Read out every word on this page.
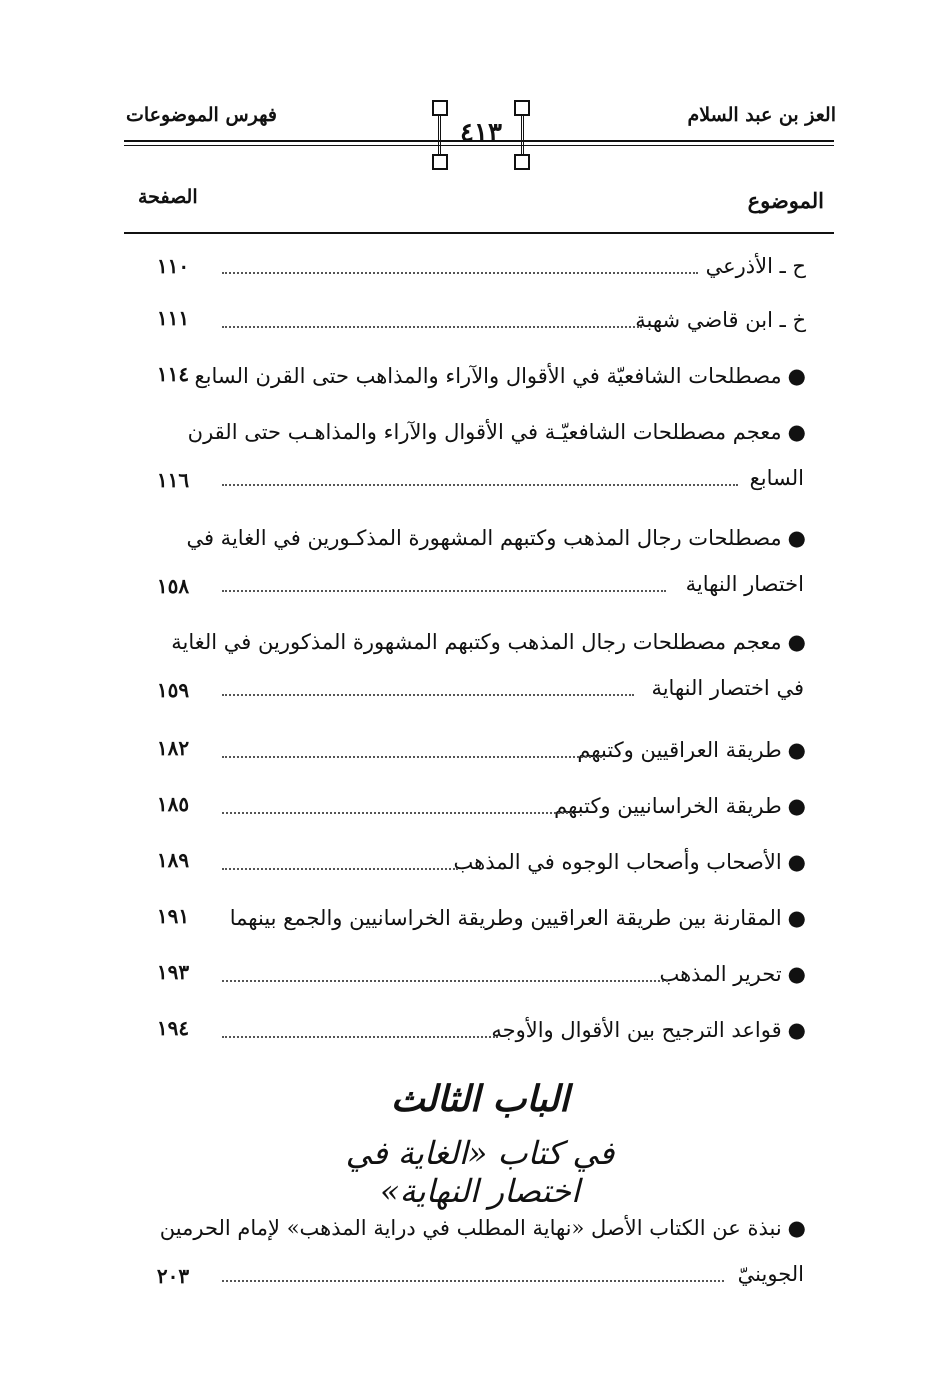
فهرس الموضوعات	العز بن عبد السلام
٤١٣
الموضوع
الصفحة
ح ـ الأذرعي
١١٠
خ ـ ابن قاضي شهبة
١١١
●مصطلحات الشافعيّة في الأقوال والآراء والمذاهب حتى القرن السابع
١١٤
●معجم مصطلحات الشافعيّـة في الأقوال والآراء والمذاهـب حتى القرن
السابع
١١٦
●مصطلحات رجال المذهب وكتبهم المشهورة المذكـورين في الغاية في
اختصار النهاية
١٥٨
●معجم مصطلحات رجال المذهب وكتبهم المشهورة المذكورين في الغاية
في اختصار النهاية
١٥٩
●طريقة العراقيين وكتبهم
١٨٢
●طريقة الخراسانيين وكتبهم
١٨٥
●الأصحاب وأصحاب الوجوه في المذهب
١٨٩
●المقارنة بين طريقة العراقيين وطريقة الخراسانيين والجمع بينهما
١٩١
●تحرير المذهب
١٩٣
●قواعد الترجيح بين الأقوال والأوجه
١٩٤
الباب الثالث
في كتاب «الغاية في اختصار النهاية»
●نبذة عن الكتاب الأصل «نهاية المطلب في دراية المذهب» لإمام الحرمين
الجوينيّ
٢٠٣
